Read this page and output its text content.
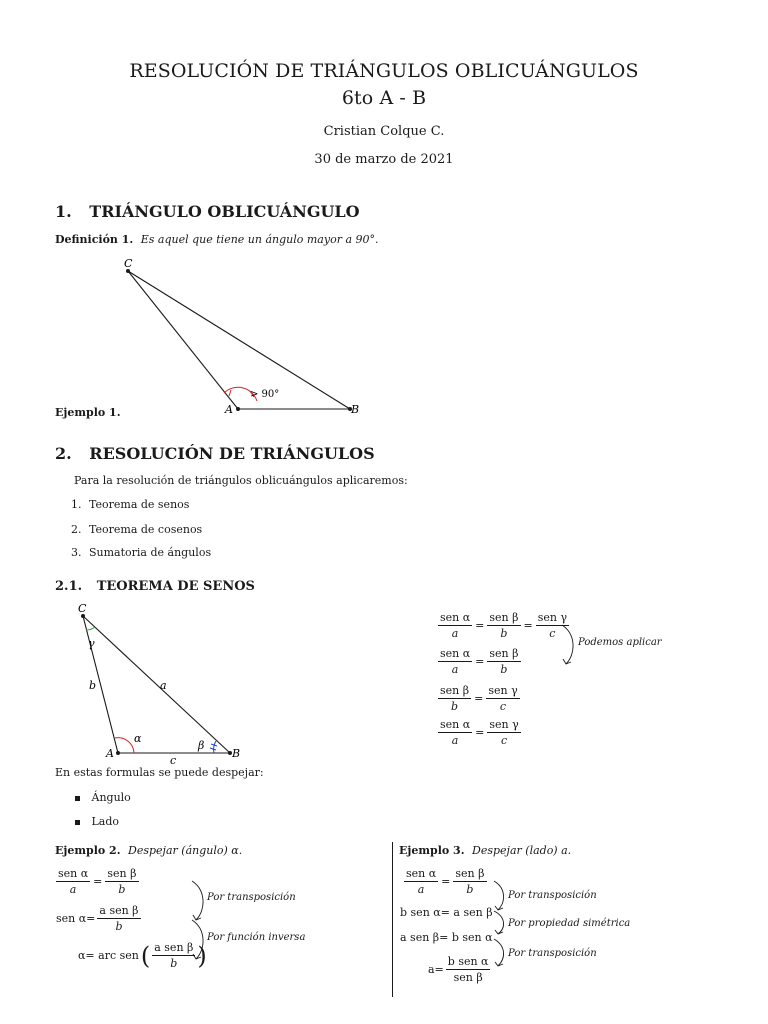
RESOLUCIÓN DE TRIÁNGULOS OBLICUÁNGULOS
6to A - B
Cristian Colque C.
30 de marzo de 2021
1. TRIÁNGULO OBLICUÁNGULO
Definición 1. Es aquel que tiene un ángulo mayor a 90°.
C
A	B
> 90°
Ejemplo 1.
2. RESOLUCIÓN DE TRIÁNGULOS
Para la resolución de triángulos oblicuángulos aplicaremos:
1. Teorema de senos
2. Teorema de cosenos
3. Sumatoria de ángulos
2.1. TEOREMA DE SENOS
C
A	B
b	a
c
α
β
γ
$\frac{\text{sen α}}{a} = \frac{\text{sen β}}{b} = \frac{\text{sen γ}}{c}$
$\frac{\text{sen α}}{a} = \frac{\text{sen β}}{b}$
$\frac{\text{sen β}}{b} = \frac{\text{sen γ}}{c}$
$\frac{\text{sen α}}{a} = \frac{\text{sen γ}}{c}$
Podemos aplicar
En estas formulas se puede despejar:
Ángulo
Lado
Ejemplo 2. Despejar (ángulo) α.
$\frac{\text{sen α}}{a} = \frac{\text{sen β}}{b}$
sen $\alpha= \frac{\text{a sen β}}{b}$
α= arc sen ( $\frac{\text{a sen β}}{b}$ )
Por transposición
Por función inversa
Ejemplo 3. Despejar (lado) a.
$\frac{\text{sen α}}{a} = \frac{\text{sen β}}{b}$
b sen α= a sen β
a sen β= b sen α
$a= \frac{\text{b sen α}}{\text{sen β}}$
Por transposición
Por propiedad simétrica
Por transposición
